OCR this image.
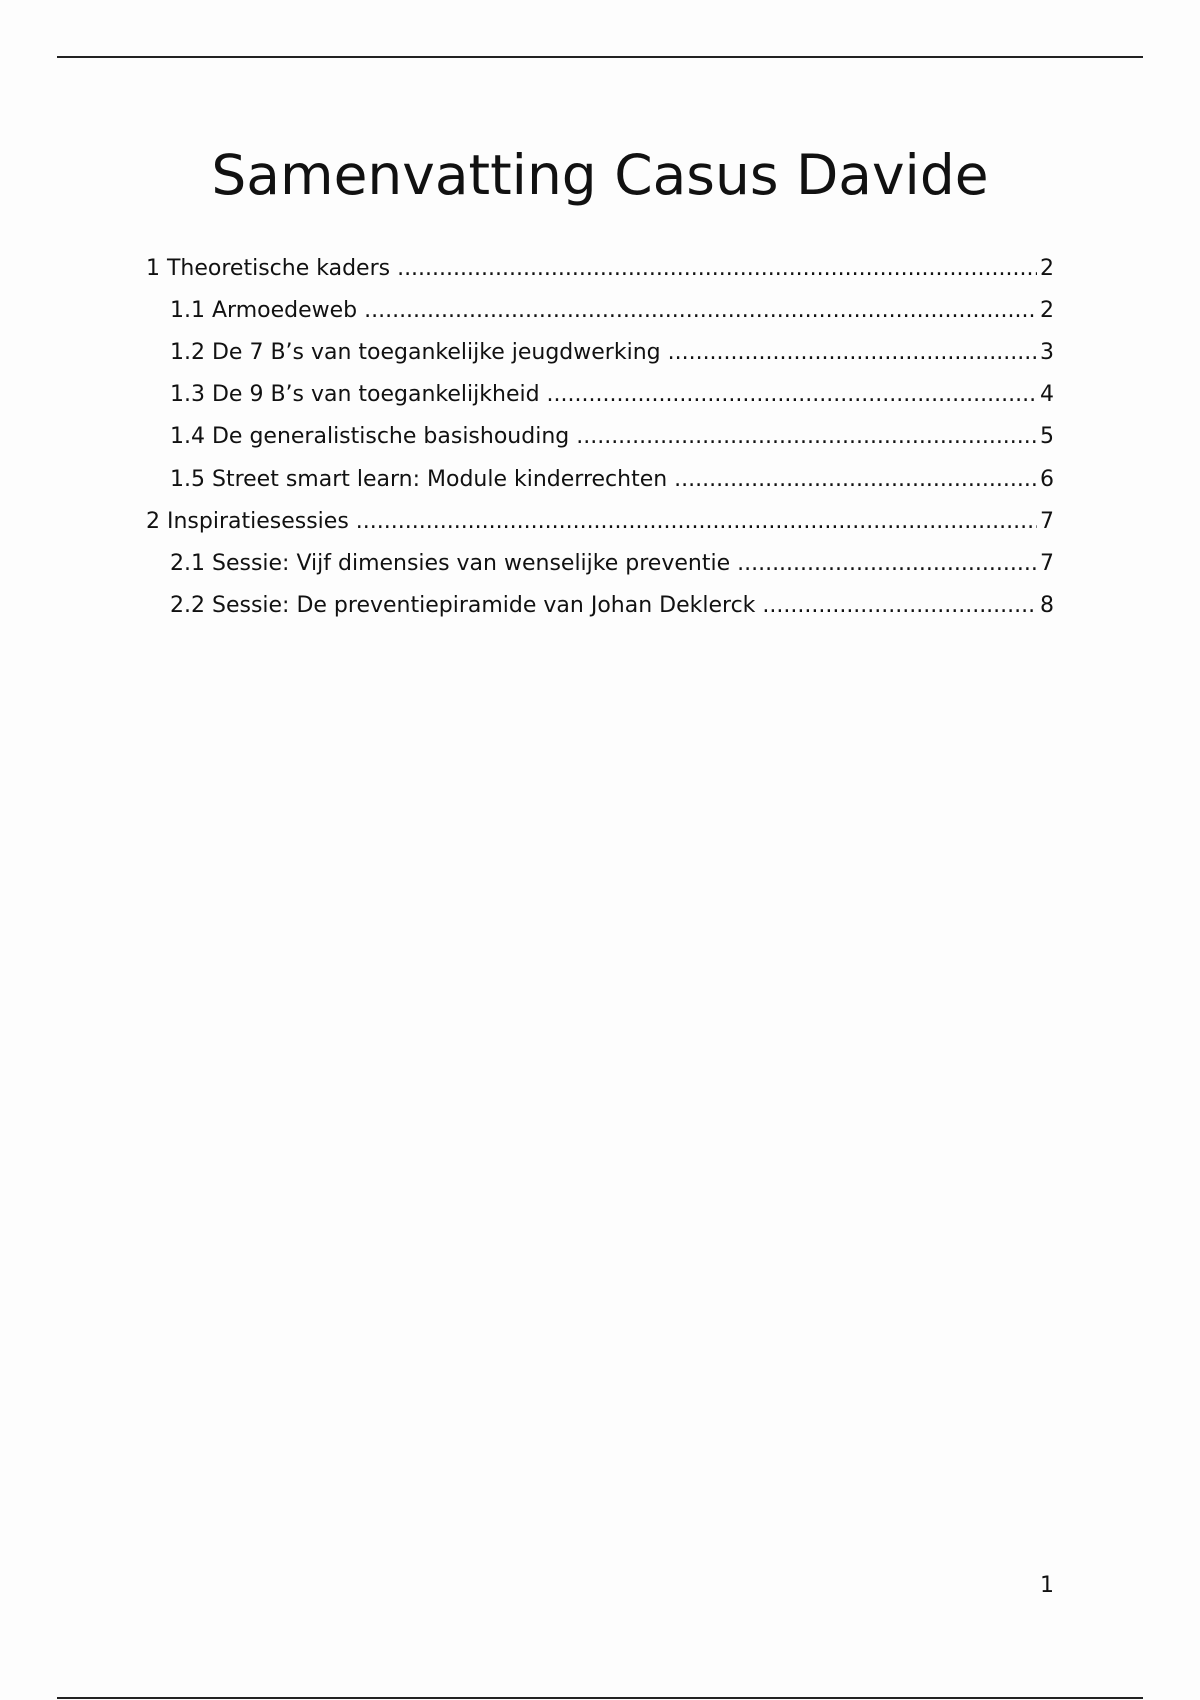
Samenvatting Casus Davide
1 Theoretische kaders .....	2
1.1 Armoedeweb .....	2
1.2 De 7 B’s van toegankelijke jeugdwerking .....	3
1.3 De 9 B’s van toegankelijkheid .....	4
1.4 De generalistische basishouding .....	5
1.5 Street smart learn: Module kinderrechten .....	6
2 Inspiratiesessies .....	7
2.1 Sessie: Vijf dimensies van wenselijke preventie .....	7
2.2 Sessie: De preventiepiramide van Johan Deklerck .....	8
1
